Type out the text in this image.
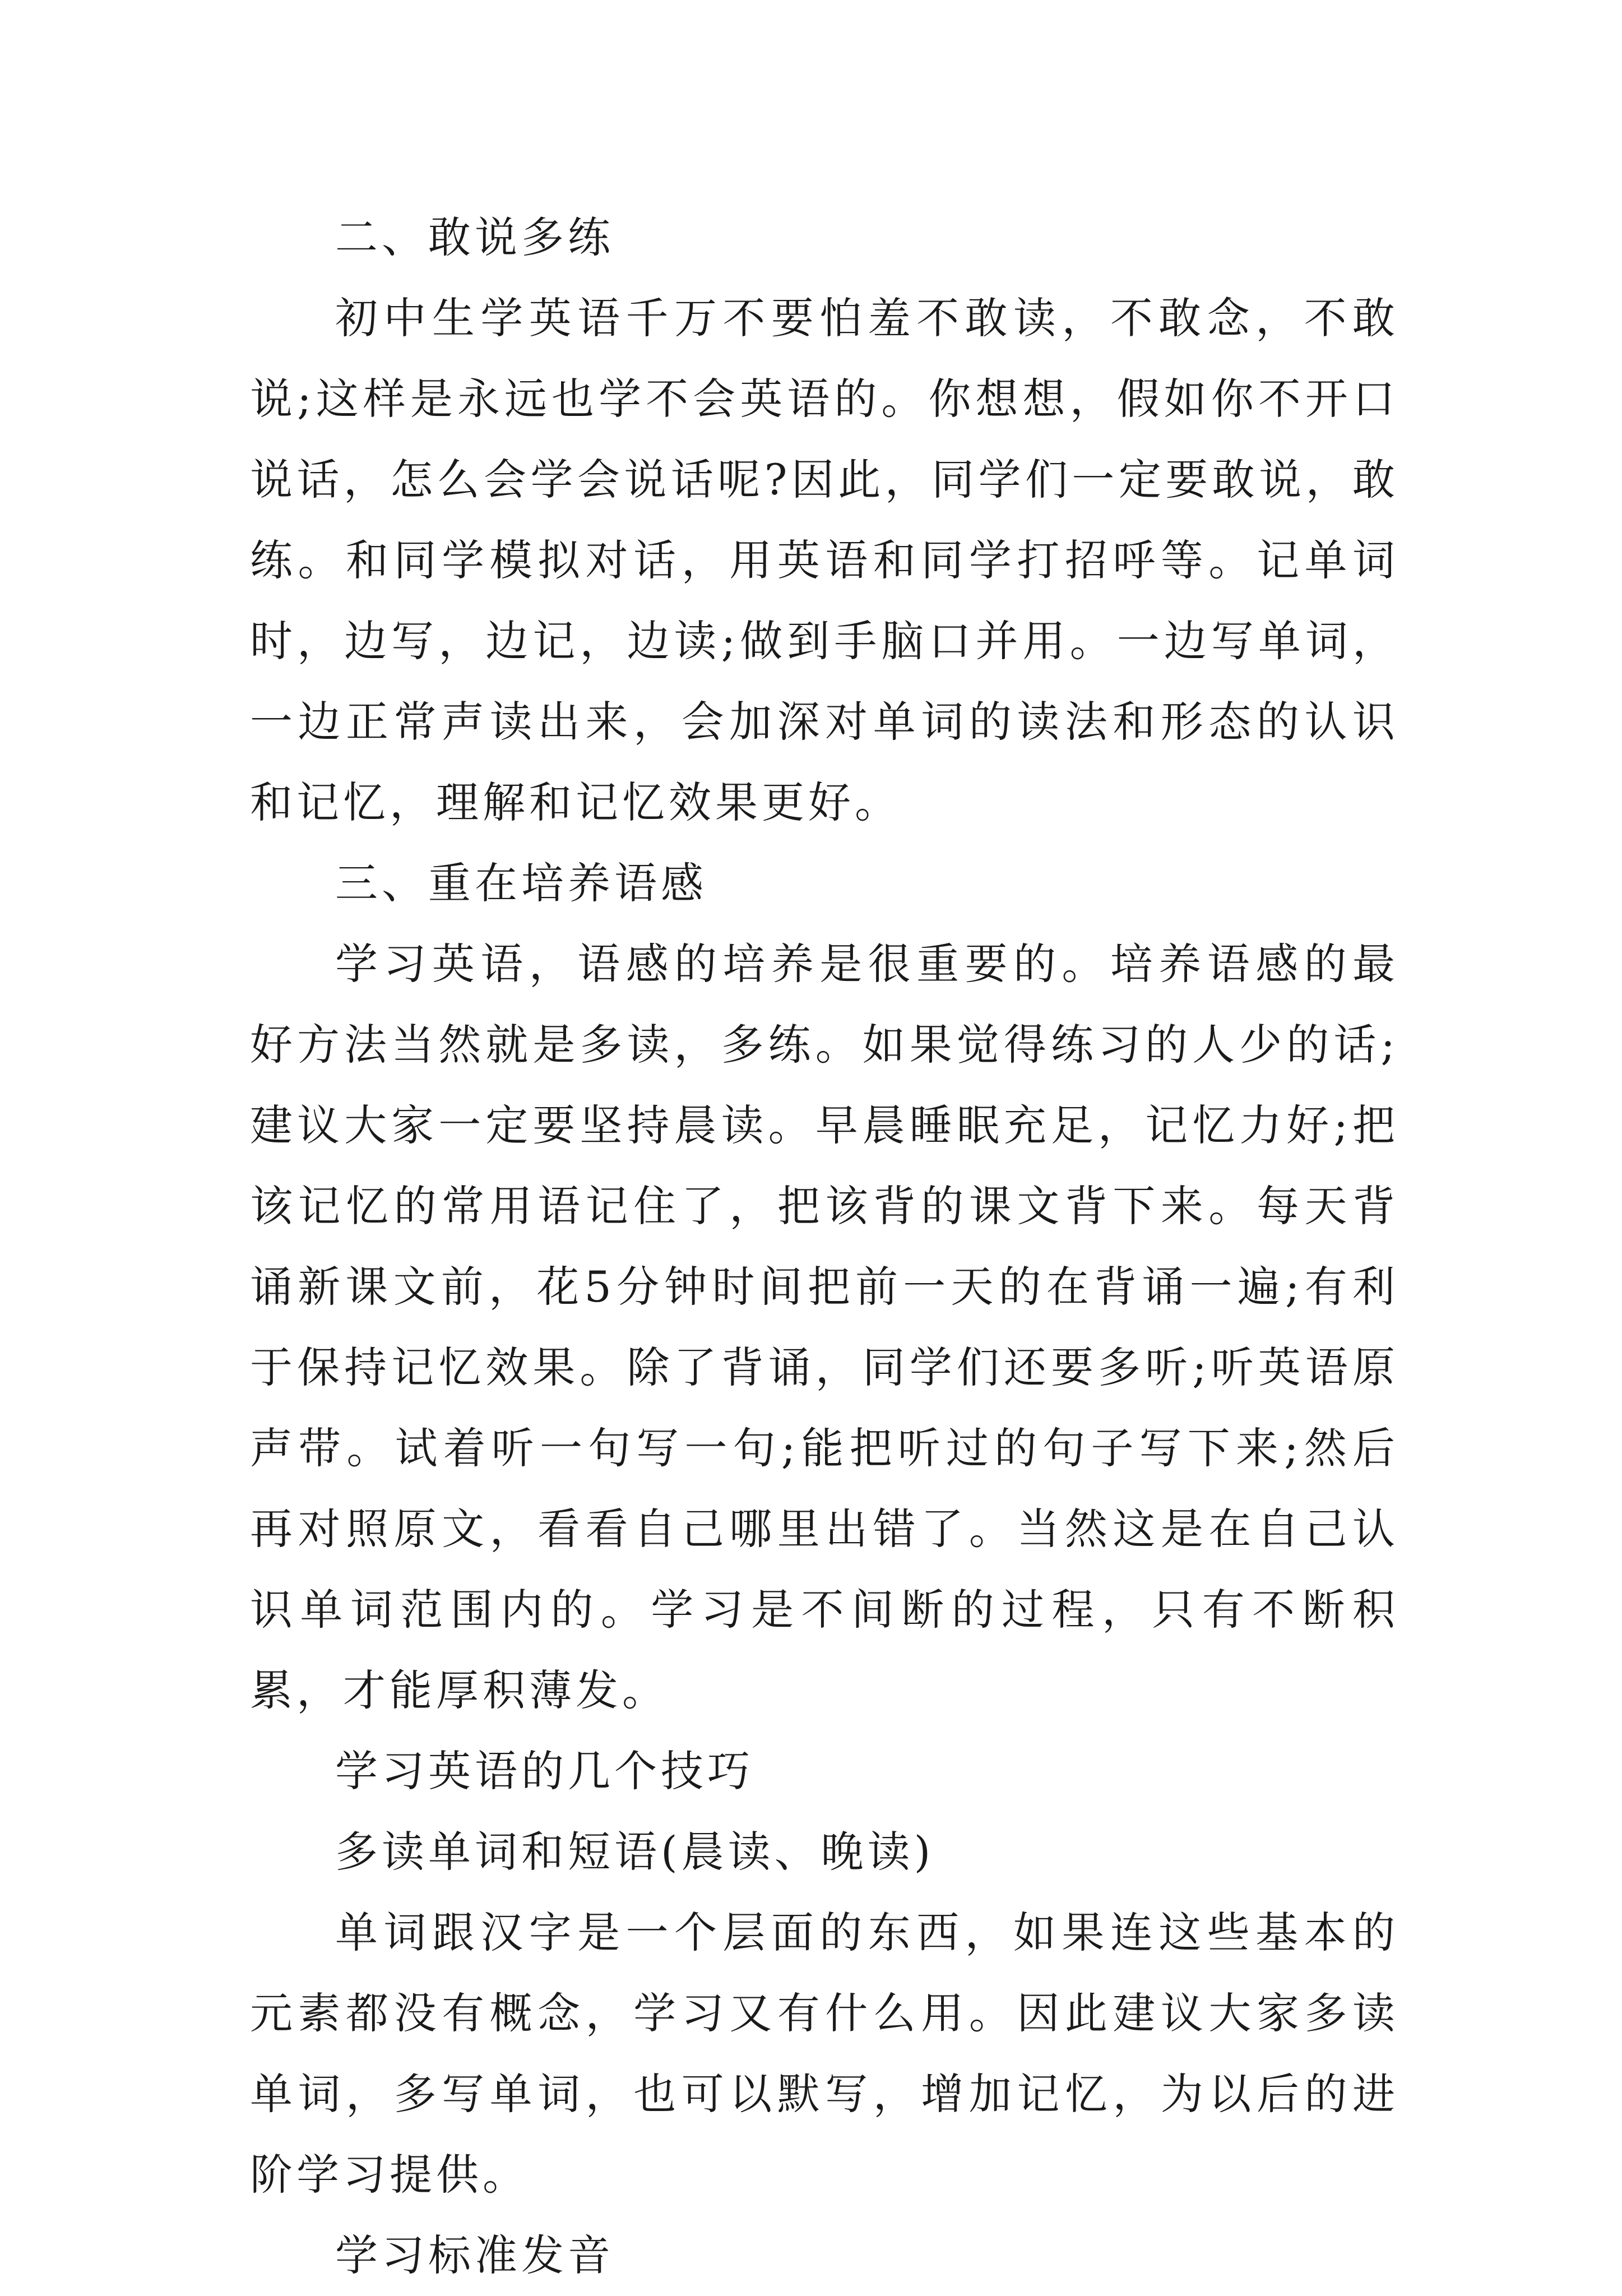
二、敢说多练

初中生学英语千万不要怕羞不敢读，不敢念，不敢说;这样是永远也学不会英语的。你想想，假如你不开口说话，怎么会学会说话呢?因此，同学们一定要敢说，敢练。和同学模拟对话，用英语和同学打招呼等。记单词时，边写，边记，边读;做到手脑口并用。一边写单词，一边正常声读出来，会加深对单词的读法和形态的认识和记忆，理解和记忆效果更好。

三、重在培养语感

学习英语，语感的培养是很重要的。培养语感的最好方法当然就是多读，多练。如果觉得练习的人少的话;建议大家一定要坚持晨读。早晨睡眠充足，记忆力好;把该记忆的常用语记住了，把该背的课文背下来。每天背诵新课文前，花5分钟时间把前一天的在背诵一遍;有利于保持记忆效果。除了背诵，同学们还要多听;听英语原声带。试着听一句写一句;能把听过的句子写下来;然后再对照原文，看看自己哪里出错了。当然这是在自己认识单词范围内的。学习是不间断的过程，只有不断积累，才能厚积薄发。

学习英语的几个技巧

多读单词和短语(晨读、晚读)

单词跟汉字是一个层面的东西，如果连这些基本的元素都没有概念，学习又有什么用。因此建议大家多读单词，多写单词，也可以默写，增加记忆，为以后的进阶学习提供。

学习标准发音
